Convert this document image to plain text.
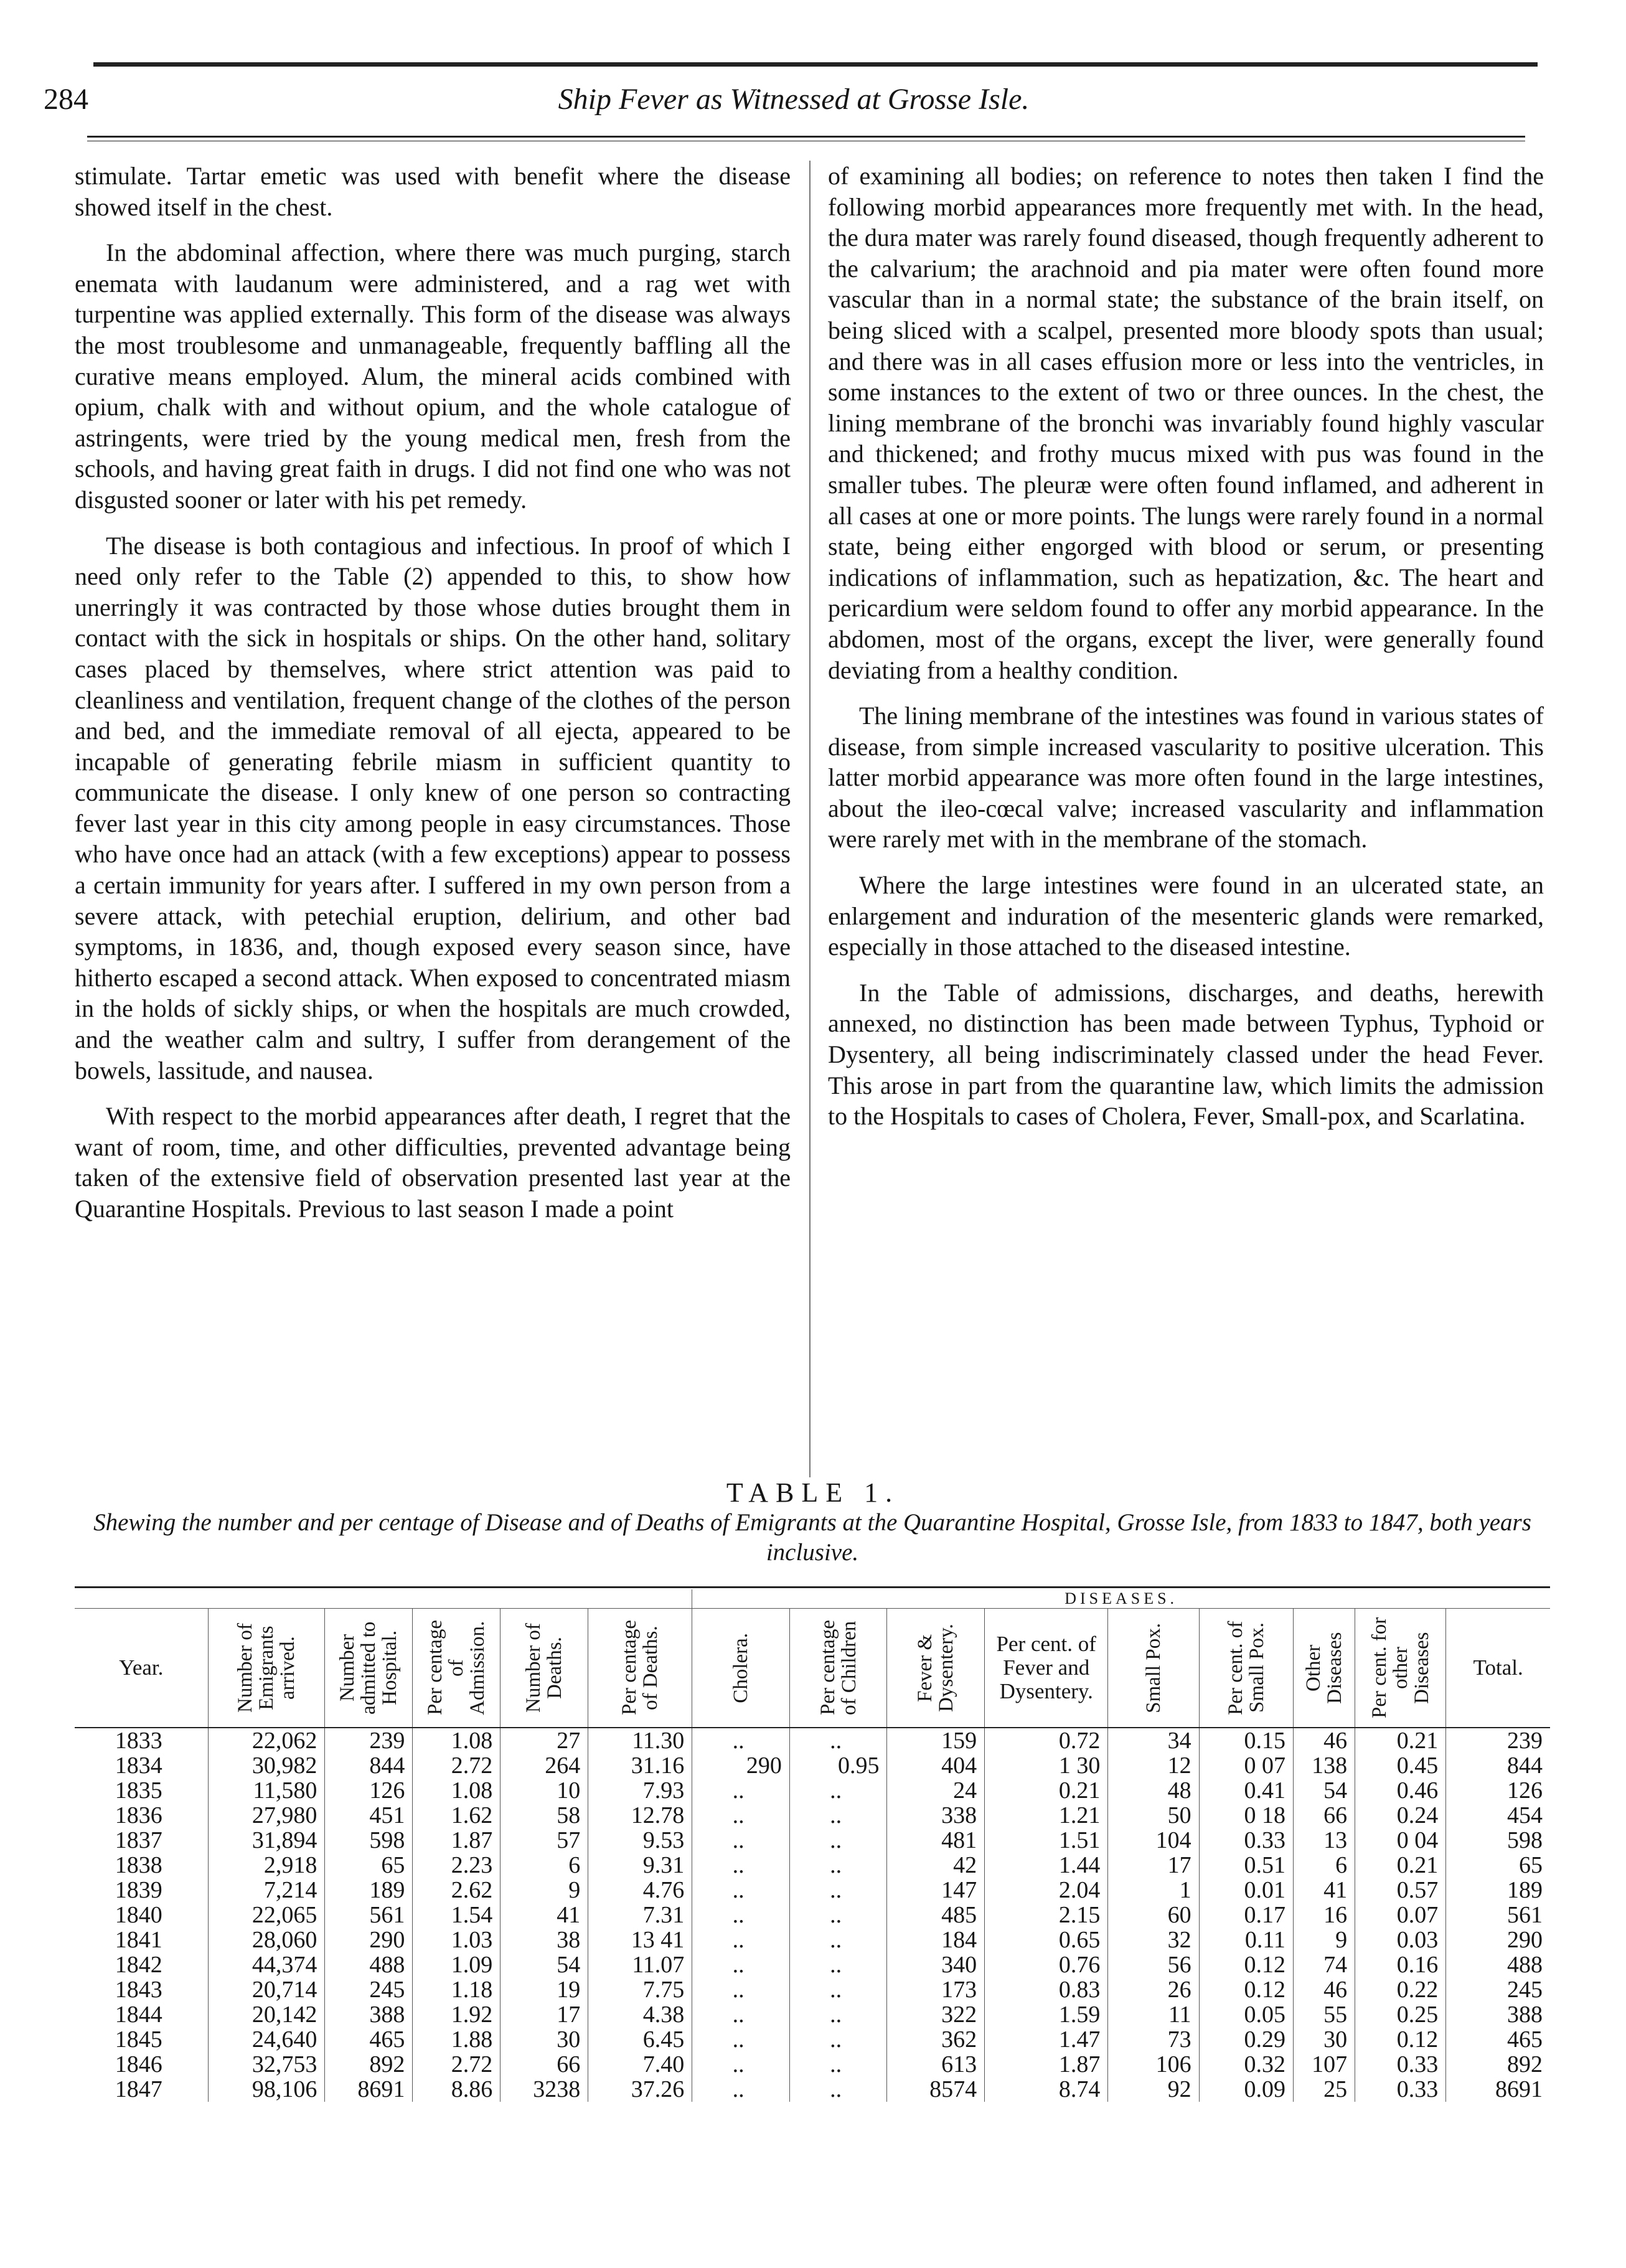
284	Ship Fever as Witnessed at Grosse Isle.

stimulate. Tartar emetic was used with benefit where the disease showed itself in the chest.

In the abdominal affection, where there was much purging, starch enemata with laudanum were administered, and a rag wet with turpentine was applied externally. This form of the disease was always the most troublesome and unmanageable, frequently baffling all the curative means employed. Alum, the mineral acids combined with opium, chalk with and without opium, and the whole catalogue of astringents, were tried by the young medical men, fresh from the schools, and having great faith in drugs. I did not find one who was not disgusted sooner or later with his pet remedy.

The disease is both contagious and infectious. In proof of which I need only refer to the Table (2) appended to this, to show how unerringly it was contracted by those whose duties brought them in contact with the sick in hospitals or ships. On the other hand, solitary cases placed by themselves, where strict attention was paid to cleanliness and ventilation, frequent change of the clothes of the person and bed, and the immediate removal of all ejecta, appeared to be incapable of generating febrile miasm in sufficient quantity to communicate the disease. I only knew of one person so contracting fever last year in this city among people in easy circumstances. Those who have once had an attack (with a few exceptions) appear to possess a certain immunity for years after. I suffered in my own person from a severe attack, with petechial eruption, delirium, and other bad symptoms, in 1836, and, though exposed every season since, have hitherto escaped a second attack. When exposed to concentrated miasm in the holds of sickly ships, or when the hospitals are much crowded, and the weather calm and sultry, I suffer from derangement of the bowels, lassitude, and nausea.

With respect to the morbid appearances after death, I regret that the want of room, time, and other difficulties, prevented advantage being taken of the extensive field of observation presented last year at the Quarantine Hospitals. Previous to last season I made a point

of examining all bodies; on reference to notes then taken I find the following morbid appearances more frequently met with. In the head, the dura mater was rarely found diseased, though frequently adherent to the calvarium; the arachnoid and pia mater were often found more vascular than in a normal state; the substance of the brain itself, on being sliced with a scalpel, presented more bloody spots than usual; and there was in all cases effusion more or less into the ventricles, in some instances to the extent of two or three ounces. In the chest, the lining membrane of the bronchi was invariably found highly vascular and thickened; and frothy mucus mixed with pus was found in the smaller tubes. The pleuræ were often found inflamed, and adherent in all cases at one or more points. The lungs were rarely found in a normal state, being either engorged with blood or serum, or presenting indications of inflammation, such as hepatization, &c. The heart and pericardium were seldom found to offer any morbid appearance. In the abdomen, most of the organs, except the liver, were generally found deviating from a healthy condition.

The lining membrane of the intestines was found in various states of disease, from simple increased vascularity to positive ulceration. This latter morbid appearance was more often found in the large intestines, about the ileo-cœcal valve; increased vascularity and inflammation were rarely met with in the membrane of the stomach.

Where the large intestines were found in an ulcerated state, an enlargement and induration of the mesenteric glands were remarked, especially in those attached to the diseased intestine.

In the Table of admissions, discharges, and deaths, herewith annexed, no distinction has been made between Typhus, Typhoid or Dysentery, all being indiscriminately classed under the head Fever. This arose in part from the quarantine law, which limits the admission to the Hospitals to cases of Cholera, Fever, Small-pox, and Scarlatina.

TABLE 1.
Shewing the number and per centage of Disease and of Deaths of Emigrants at the Quarantine Hospital, Grosse Isle, from 1833 to 1847, both years inclusive.
						DISEASES.								
Year.	Number of Emigrants arrived.	Number admitted to Hospital.	Per centage of Admission.	Number of Deaths.	Per centage of Deaths.	Cholera.	Per centage of Children	Fever & Dysentery.	Per cent. of Fever and Dysentery.	Small Pox.	Per cent. of Small Pox.	Other Diseases	Per cent. for other Diseases	Total.
1833	22,062	239	1.08	27	11.30	..	..	159	0.72	34	0.15	46	0.21	239
1834	30,982	844	2.72	264	31.16	290	0.95	404	1 30	12	0 07	138	0.45	844
1835	11,580	126	1.08	10	7.93	..	..	24	0.21	48	0.41	54	0.46	126
1836	27,980	451	1.62	58	12.78	..	..	338	1.21	50	0 18	66	0.24	454
1837	31,894	598	1.87	57	9.53	..	..	481	1.51	104	0.33	13	0 04	598
1838	2,918	65	2.23	6	9.31	..	..	42	1.44	17	0.51	6	0.21	65
1839	7,214	189	2.62	9	4.76	..	..	147	2.04	1	0.01	41	0.57	189
1840	22,065	561	1.54	41	7.31	..	..	485	2.15	60	0.17	16	0.07	561
1841	28,060	290	1.03	38	13 41	..	..	184	0.65	32	0.11	9	0.03	290
1842	44,374	488	1.09	54	11.07	..	..	340	0.76	56	0.12	74	0.16	488
1843	20,714	245	1.18	19	7.75	..	..	173	0.83	26	0.12	46	0.22	245
1844	20,142	388	1.92	17	4.38	..	..	322	1.59	11	0.05	55	0.25	388
1845	24,640	465	1.88	30	6.45	..	..	362	1.47	73	0.29	30	0.12	465
1846	32,753	892	2.72	66	7.40	..	..	613	1.87	106	0.32	107	0.33	892
1847	98,106	8691	8.86	3238	37.26	..	..	8574	8.74	92	0.09	25	0.33	8691
